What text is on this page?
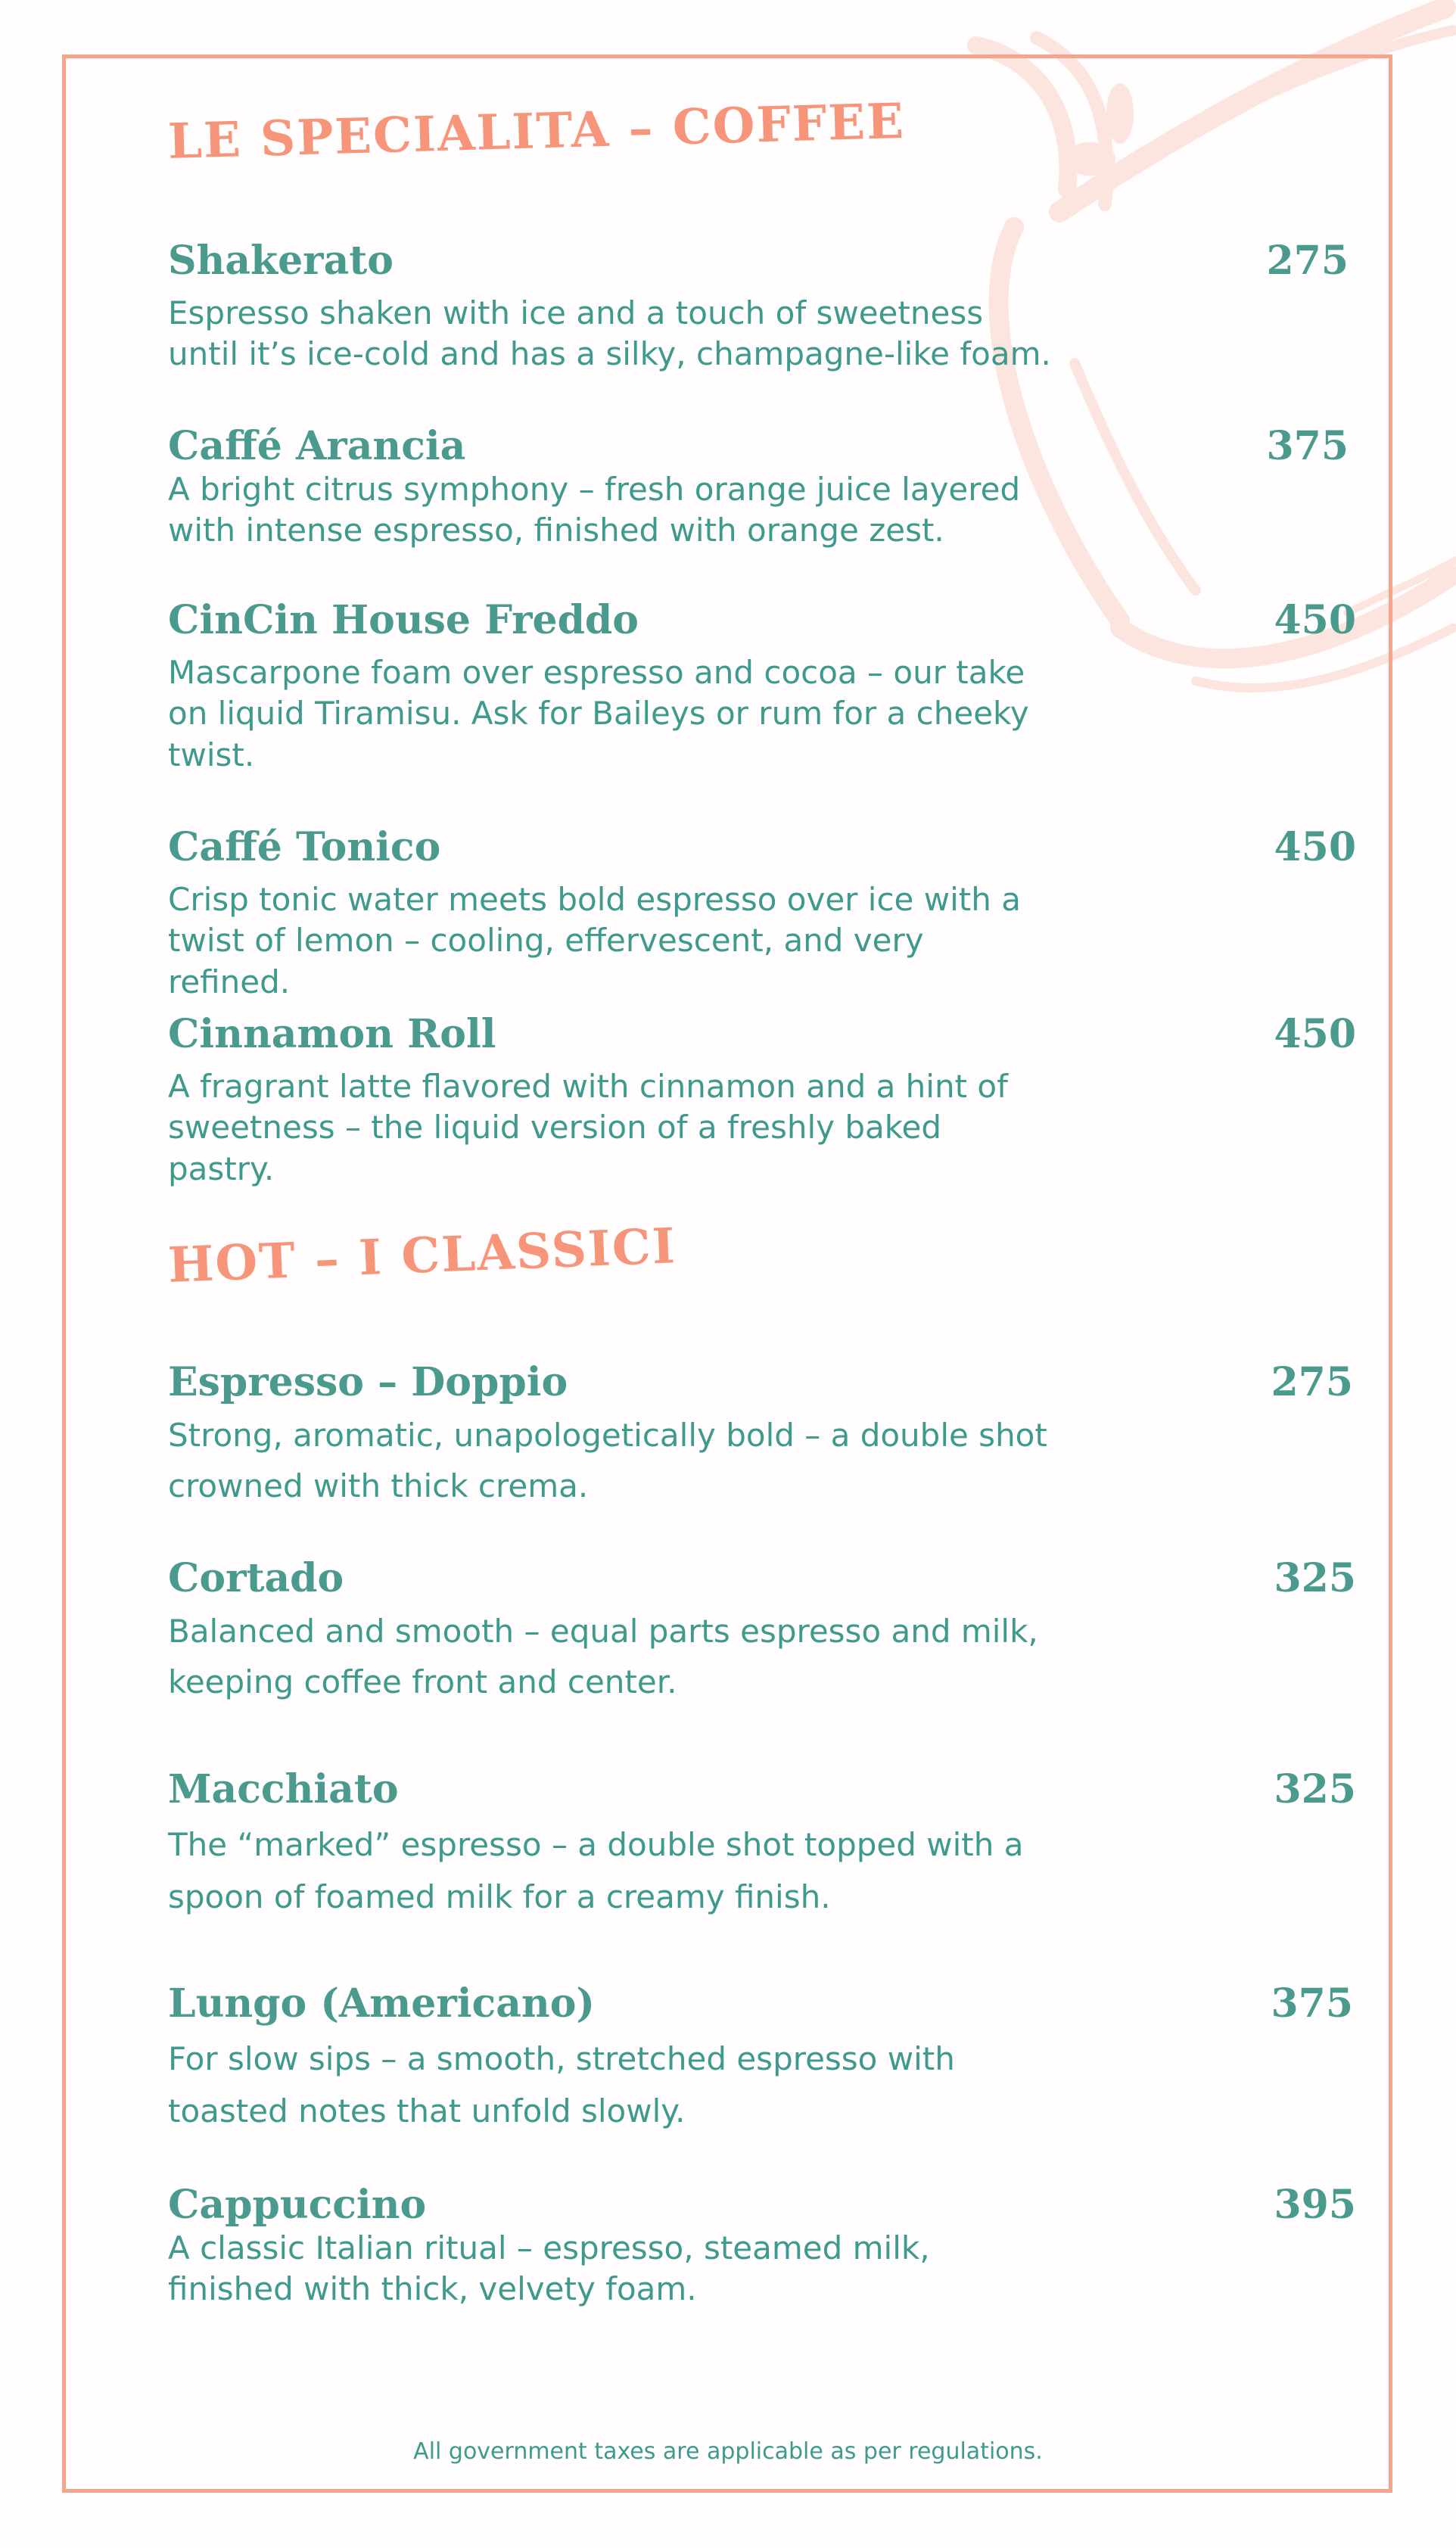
LE SPECIALITA – COFFEE
Shakerato	275

Espresso shaken with ice and a touch of sweetness until it’s ice-cold and has a silky, champagne-like foam.

Caffé Arancia	375

A bright citrus symphony – fresh orange juice layered with intense espresso, finished with orange zest.

CinCin House Freddo	450

Mascarpone foam over espresso and cocoa – our take on liquid Tiramisu. Ask for Baileys or rum for a cheeky twist.

Caffé Tonico	450

Crisp tonic water meets bold espresso over ice with a twist of lemon – cooling, effervescent, and very refined.

Cinnamon Roll	450

A fragrant latte flavored with cinnamon and a hint of sweetness – the liquid version of a freshly baked pastry.

HOT – I CLASSICI
Espresso – Doppio	275

Strong, aromatic, unapologetically bold – a double shot crowned with thick crema.

Cortado	325

Balanced and smooth – equal parts espresso and milk, keeping coffee front and center.

Macchiato	325

The “marked” espresso – a double shot topped with a spoon of foamed milk for a creamy finish.

Lungo (Americano)	375

For slow sips – a smooth, stretched espresso with toasted notes that unfold slowly.

Cappuccino	395

A classic Italian ritual – espresso, steamed milk, finished with thick, velvety foam.

All government taxes are applicable as per regulations.
